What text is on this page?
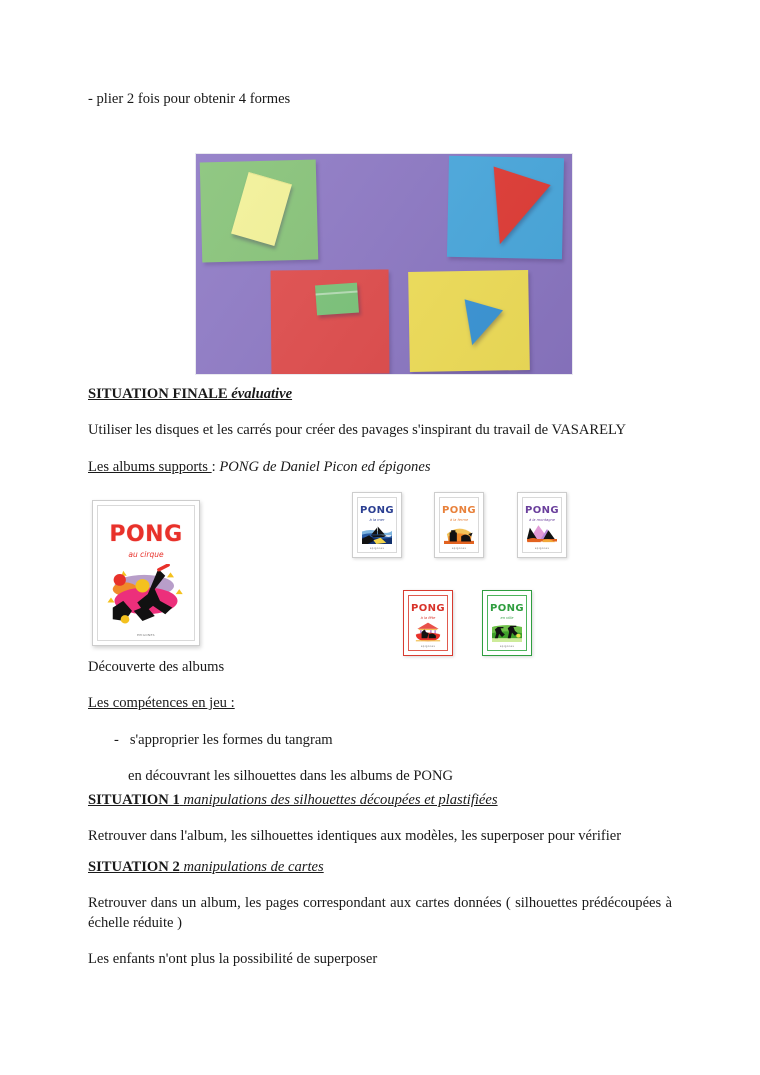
- plier 2 fois pour obtenir 4 formes

SITUATION FINALE évaluative

Utiliser les disques et les carrés pour créer des pavages s'inspirant du travail de VASARELY

Les albums supports : PONG de Daniel Picon ed épigones

PONG
au cirque
EPIGONES
PONG
à la mer
epigones
PONG
à la ferme
epigones
PONG
à la montagne
epigones
PONG
à la fête
epigones
PONG
en ville
epigones

Découverte des albums

Les compétences en jeu :

- s'approprier les formes du tangram

en découvrant les silhouettes dans les albums de PONG

SITUATION 1 manipulations des silhouettes découpées et plastifiées

Retrouver dans l'album, les silhouettes identiques aux modèles, les superposer pour vérifier

SITUATION 2 manipulations de cartes

Retrouver dans un album, les pages correspondant aux cartes données ( silhouettes prédécoupées à échelle réduite )

Les enfants n'ont plus la possibilité de superposer
